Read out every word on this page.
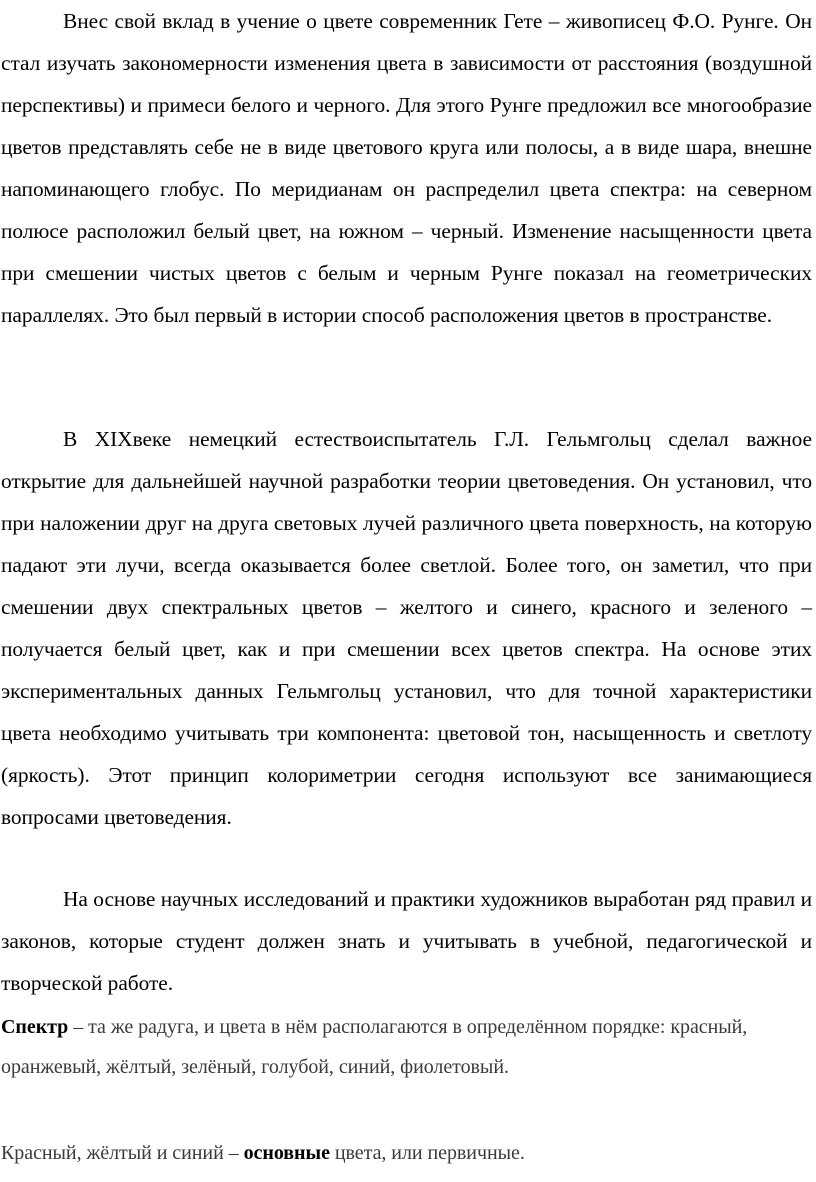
Внес свой вклад в учение о цвете современник Гете – живописец Ф.О. Рунге. Он стал изучать закономерности изменения цвета в зависимости от расстояния (воздушной перспективы) и примеси белого и черного. Для этого Рунге предложил все многообразие цветов представлять себе не в виде цветового круга или полосы, а в виде шара, внешне напоминающего глобус. По меридианам он распределил цвета спектра: на северном полюсе расположил белый цвет, на южном – черный. Изменение насыщенности цвета при смешении чистых цветов с белым и черным Рунге показал на геометрических параллелях. Это был первый в истории способ расположения цветов в пространстве.

В XIXвеке немецкий естествоиспытатель Г.Л. Гельмгольц сделал важное открытие для дальнейшей научной разработки теории цветоведения. Он установил, что при наложении друг на друга световых лучей различного цвета поверхность, на которую падают эти лучи, всегда оказывается более светлой. Более того, он заметил, что при смешении двух спектральных цветов – желтого и синего, красного и зеленого – получается белый цвет, как и при смешении всех цветов спектра. На основе этих экспериментальных данных Гельмгольц установил, что для точной характеристики цвета необходимо учитывать три компонента: цветовой тон, насыщенность и светлоту (яркость). Этот принцип колориметрии сегодня используют все занимающиеся вопросами цветоведения.

На основе научных исследований и практики художников выработан ряд правил и законов, которые студент должен знать и учитывать в учебной, педагогической и творческой работе.

Спектр – та же радуга, и цвета в нём располагаются в определённом порядке: красный, оранжевый, жёлтый, зелёный, голубой, синий, фиолетовый.

Красный, жёлтый и синий – основные цвета, или первичные.
